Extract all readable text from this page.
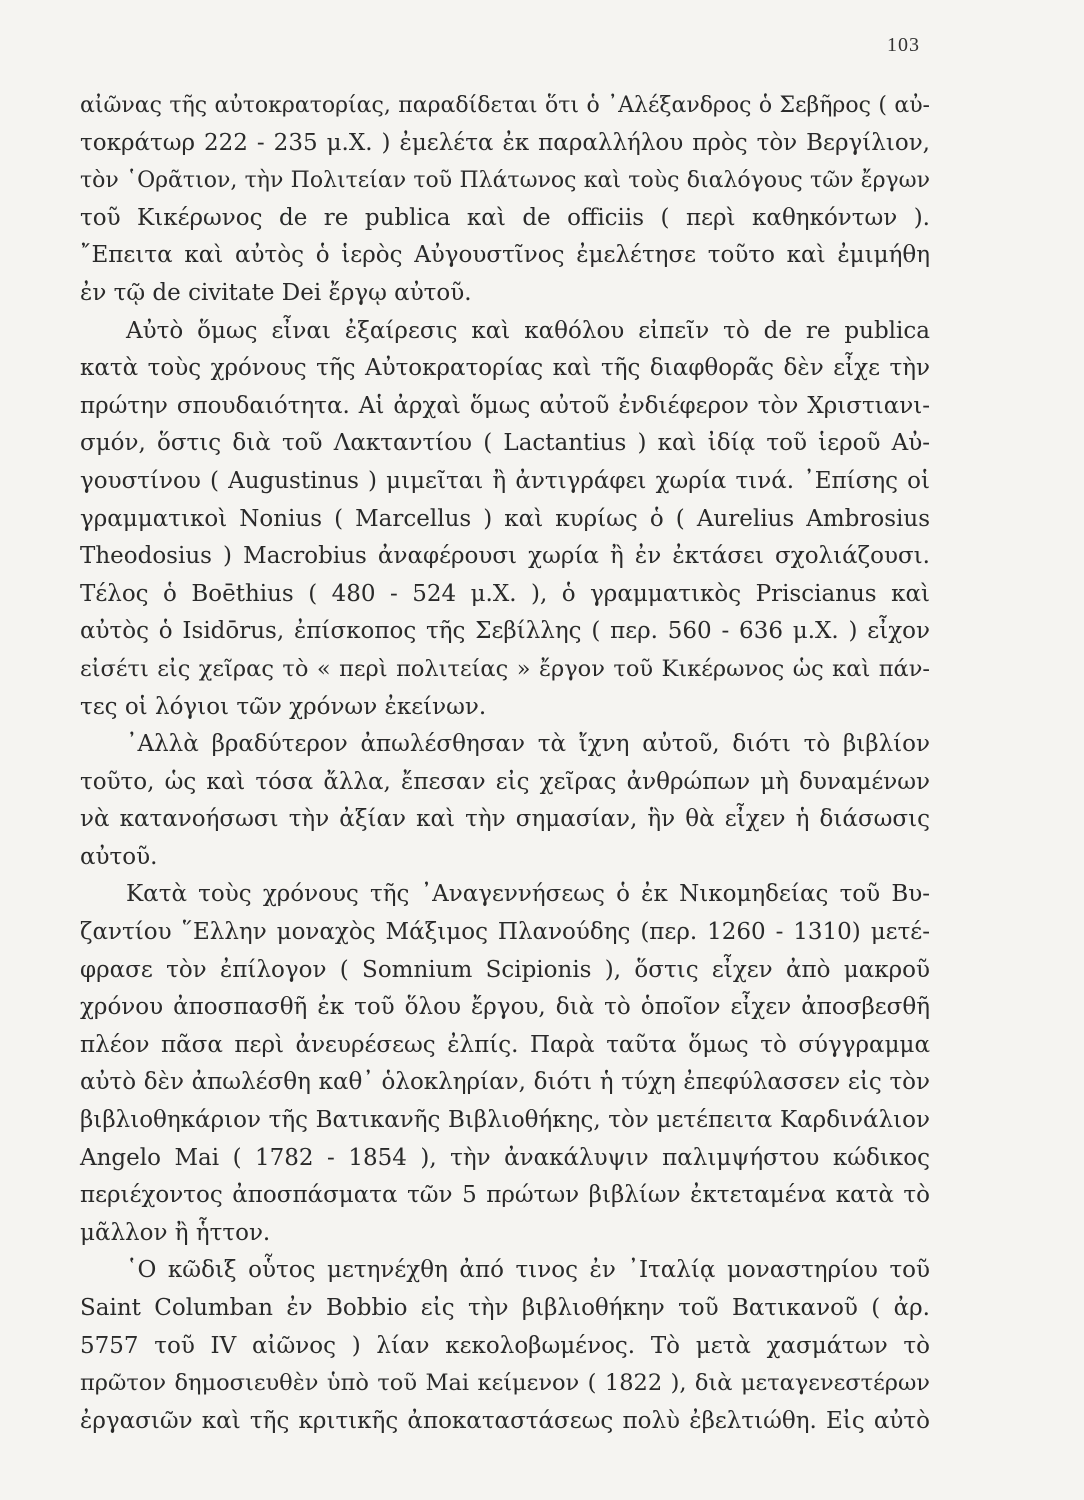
103
αἰῶνας τῆς αὐτοκρατορίας, παραδίδεται ὅτι ὁ ᾿Αλέξανδρος ὁ Σεβῆρος ( αὐ-
τοκράτωρ 222 - 235 μ.Χ. ) ἐμελέτα ἐκ παραλλήλου πρὸς τὸν Βεργίλιον,
τὸν ῾Ορᾶτιον, τὴν Πολιτείαν τοῦ Πλάτωνος καὶ τοὺς διαλόγους τῶν ἔργων
τοῦ Κικέρωνος de re publica καὶ de officiis ( περὶ καθηκόντων ).
῎Επειτα καὶ αὐτὸς ὁ ἱερὸς Αὐγουστῖνος ἐμελέτησε τοῦτο καὶ ἐμιμήθη
ἐν τῷ de civitate Dei ἔργῳ αὐτοῦ.
Αὐτὸ ὅμως εἶναι ἐξαίρεσις καὶ καθόλου εἰπεῖν τὸ de re publica
κατὰ τοὺς χρόνους τῆς Αὐτοκρατορίας καὶ τῆς διαφθορᾶς δὲν εἶχε τὴν
πρώτην σπουδαιότητα. Αἱ ἀρχαὶ ὅμως αὐτοῦ ἐνδιέφερον τὸν Χριστιανι-
σμόν, ὅστις διὰ τοῦ Λακταντίου ( Lactantius ) καὶ ἰδίᾳ τοῦ ἱεροῦ Αὐ-
γουστίνου ( Augustinus ) μιμεῖται ἢ ἀντιγράφει χωρία τινά. ᾿Επίσης οἱ
γραμματικοὶ Nonius ( Marcellus ) καὶ κυρίως ὁ ( Aurelius Ambrosius
Theodosius ) Macrobius ἀναφέρουσι χωρία ἢ ἐν ἐκτάσει σχολιάζουσι.
Τέλος ὁ Boēthius ( 480 - 524 μ.Χ. ), ὁ γραμματικὸς Priscianus καὶ
αὐτὸς ὁ Isidōrus, ἐπίσκοπος τῆς Σεβίλλης ( περ. 560 - 636 μ.Χ. ) εἶχον
εἰσέτι εἰς χεῖρας τὸ « περὶ πολιτείας » ἔργον τοῦ Κικέρωνος ὡς καὶ πάν-
τες οἱ λόγιοι τῶν χρόνων ἐκείνων.
᾿Αλλὰ βραδύτερον ἀπωλέσθησαν τὰ ἴχνη αὐτοῦ, διότι τὸ βιβλίον
τοῦτο, ὡς καὶ τόσα ἄλλα, ἔπεσαν εἰς χεῖρας ἀνθρώπων μὴ δυναμένων
νὰ κατανοήσωσι τὴν ἀξίαν καὶ τὴν σημασίαν, ἣν θὰ εἶχεν ἡ διάσωσις
αὐτοῦ.
Κατὰ τοὺς χρόνους τῆς ᾿Αναγεννήσεως ὁ ἐκ Νικομηδείας τοῦ Βυ-
ζαντίου ῞Ελλην μοναχὸς Μάξιμος Πλανούδης (περ. 1260 - 1310) μετέ-
φρασε τὸν ἐπίλογον ( Somnium Scipionis ), ὅστις εἶχεν ἀπὸ μακροῦ
χρόνου ἀποσπασθῆ ἐκ τοῦ ὅλου ἔργου, διὰ τὸ ὁποῖον εἶχεν ἀποσβεσθῆ
πλέον πᾶσα περὶ ἀνευρέσεως ἐλπίς. Παρὰ ταῦτα ὅμως τὸ σύγγραμμα
αὐτὸ δὲν ἀπωλέσθη καθ᾿ ὁλοκληρίαν, διότι ἡ τύχη ἐπεφύλασσεν εἰς τὸν
βιβλιοθηκάριον τῆς Βατικανῆς Βιβλιοθήκης, τὸν μετέπειτα Καρδινάλιον
Angelo Mai ( 1782 - 1854 ), τὴν ἀνακάλυψιν παλιμψήστου κώδικος
περιέχοντος ἀποσπάσματα τῶν 5 πρώτων βιβλίων ἐκτεταμένα κατὰ τὸ
μᾶλλον ἢ ἧττον.
῾Ο κῶδιξ οὗτος μετηνέχθη ἀπό τινος ἐν ᾿Ιταλίᾳ μοναστηρίου τοῦ
Saint Columban ἐν Bobbio εἰς τὴν βιβλιοθήκην τοῦ Βατικανοῦ ( ἀρ.
5757 τοῦ IV αἰῶνος ) λίαν κεκολοβωμένος. Τὸ μετὰ χασμάτων τὸ
πρῶτον δημοσιευθὲν ὑπὸ τοῦ Mai κείμενον ( 1822 ), διὰ μεταγενεστέρων
ἐργασιῶν καὶ τῆς κριτικῆς ἀποκαταστάσεως πολὺ ἐβελτιώθη. Εἰς αὐτὸ
